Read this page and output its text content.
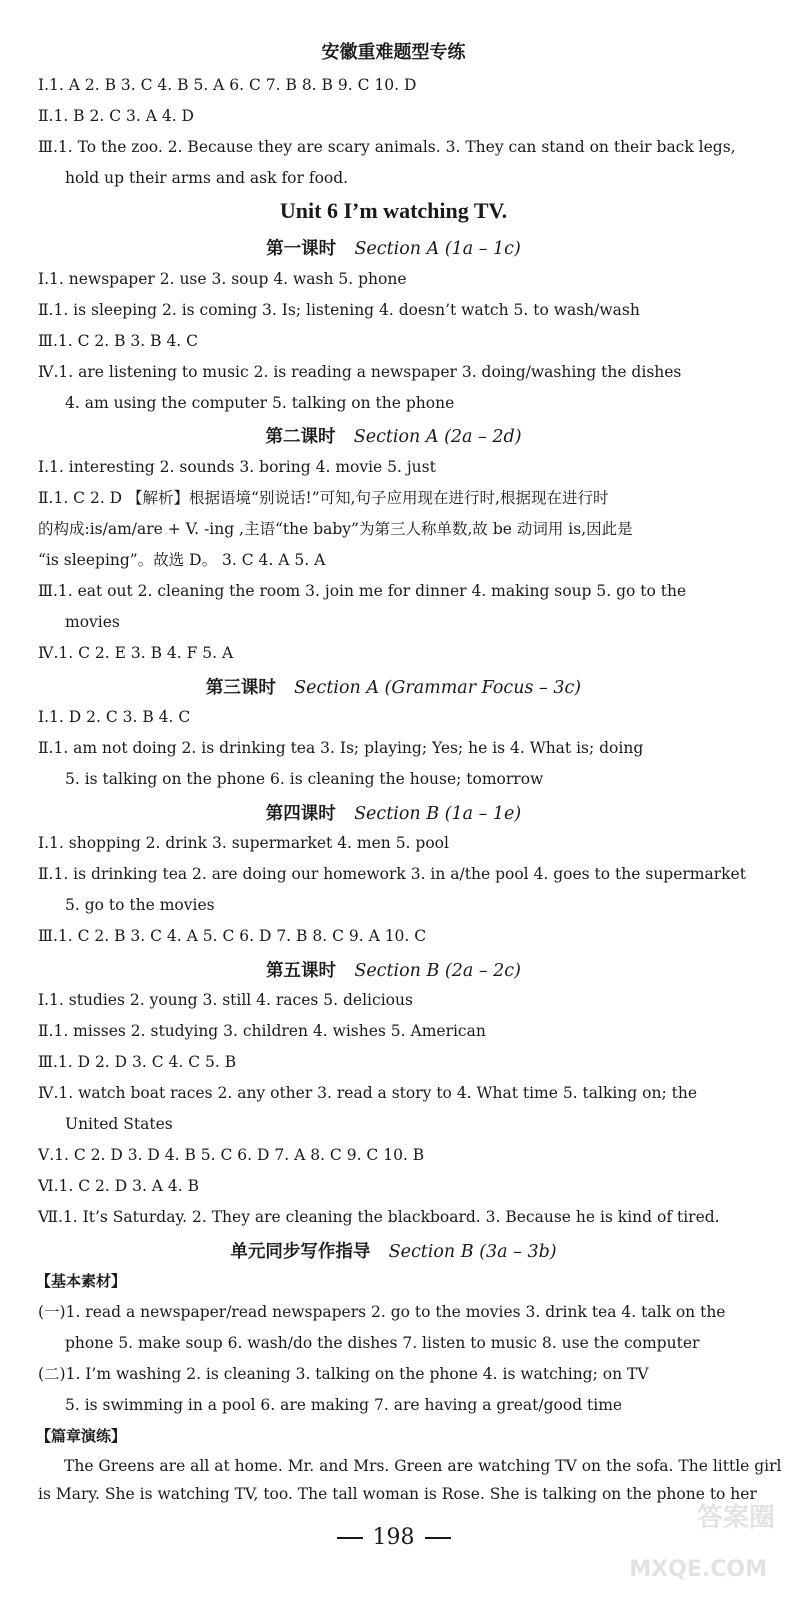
安徽重难题型专练
Ⅰ.1. A 2. B 3. C 4. B 5. A 6. C 7. B 8. B 9. C 10. D
Ⅱ.1. B 2. C 3. A 4. D
Ⅲ.1. To the zoo. 2. Because they are scary animals. 3. They can stand on their back legs,
hold up their arms and ask for food.
Unit 6 I’m watching TV.
第一课时 Section A (1a – 1c)
Ⅰ.1. newspaper 2. use 3. soup 4. wash 5. phone
Ⅱ.1. is sleeping 2. is coming 3. Is; listening 4. doesn’t watch 5. to wash/wash
Ⅲ.1. C 2. B 3. B 4. C
Ⅳ.1. are listening to music 2. is reading a newspaper 3. doing/washing the dishes
4. am using the computer 5. talking on the phone
第二课时 Section A (2a – 2d)
Ⅰ.1. interesting 2. sounds 3. boring 4. movie 5. just
Ⅱ.1. C 2. D 【解析】根据语境“别说话!”可知,句子应用现在进行时,根据现在进行时
的构成:is/am/are + V. -ing ,主语“the baby”为第三人称单数,故 be 动词用 is,因此是
“is sleeping”。故选 D。 3. C 4. A 5. A
Ⅲ.1. eat out 2. cleaning the room 3. join me for dinner 4. making soup 5. go to the
movies
Ⅳ.1. C 2. E 3. B 4. F 5. A
第三课时 Section A (Grammar Focus – 3c)
Ⅰ.1. D 2. C 3. B 4. C
Ⅱ.1. am not doing 2. is drinking tea 3. Is; playing; Yes; he is 4. What is; doing
5. is talking on the phone 6. is cleaning the house; tomorrow
第四课时 Section B (1a – 1e)
Ⅰ.1. shopping 2. drink 3. supermarket 4. men 5. pool
Ⅱ.1. is drinking tea 2. are doing our homework 3. in a/the pool 4. goes to the supermarket
5. go to the movies
Ⅲ.1. C 2. B 3. C 4. A 5. C 6. D 7. B 8. C 9. A 10. C
第五课时 Section B (2a – 2c)
Ⅰ.1. studies 2. young 3. still 4. races 5. delicious
Ⅱ.1. misses 2. studying 3. children 4. wishes 5. American
Ⅲ.1. D 2. D 3. C 4. C 5. B
Ⅳ.1. watch boat races 2. any other 3. read a story to 4. What time 5. talking on; the
United States
Ⅴ.1. C 2. D 3. D 4. B 5. C 6. D 7. A 8. C 9. C 10. B
Ⅵ.1. C 2. D 3. A 4. B
Ⅶ.1. It’s Saturday. 2. They are cleaning the blackboard. 3. Because he is kind of tired.
单元同步写作指导 Section B (3a – 3b)
【基本素材】
(一)1. read a newspaper/read newspapers 2. go to the movies 3. drink tea 4. talk on the
phone 5. make soup 6. wash/do the dishes 7. listen to music 8. use the computer
(二)1. I’m washing 2. is cleaning 3. talking on the phone 4. is watching; on TV
5. is swimming in a pool 6. are making 7. are having a great/good time
【篇章演练】
The Greens are all at home. Mr. and Mrs. Green are watching TV on the sofa. The little girl
is Mary. She is watching TV, too. The tall woman is Rose. She is talking on the phone to her
198
答案圈
MXQE.COM
